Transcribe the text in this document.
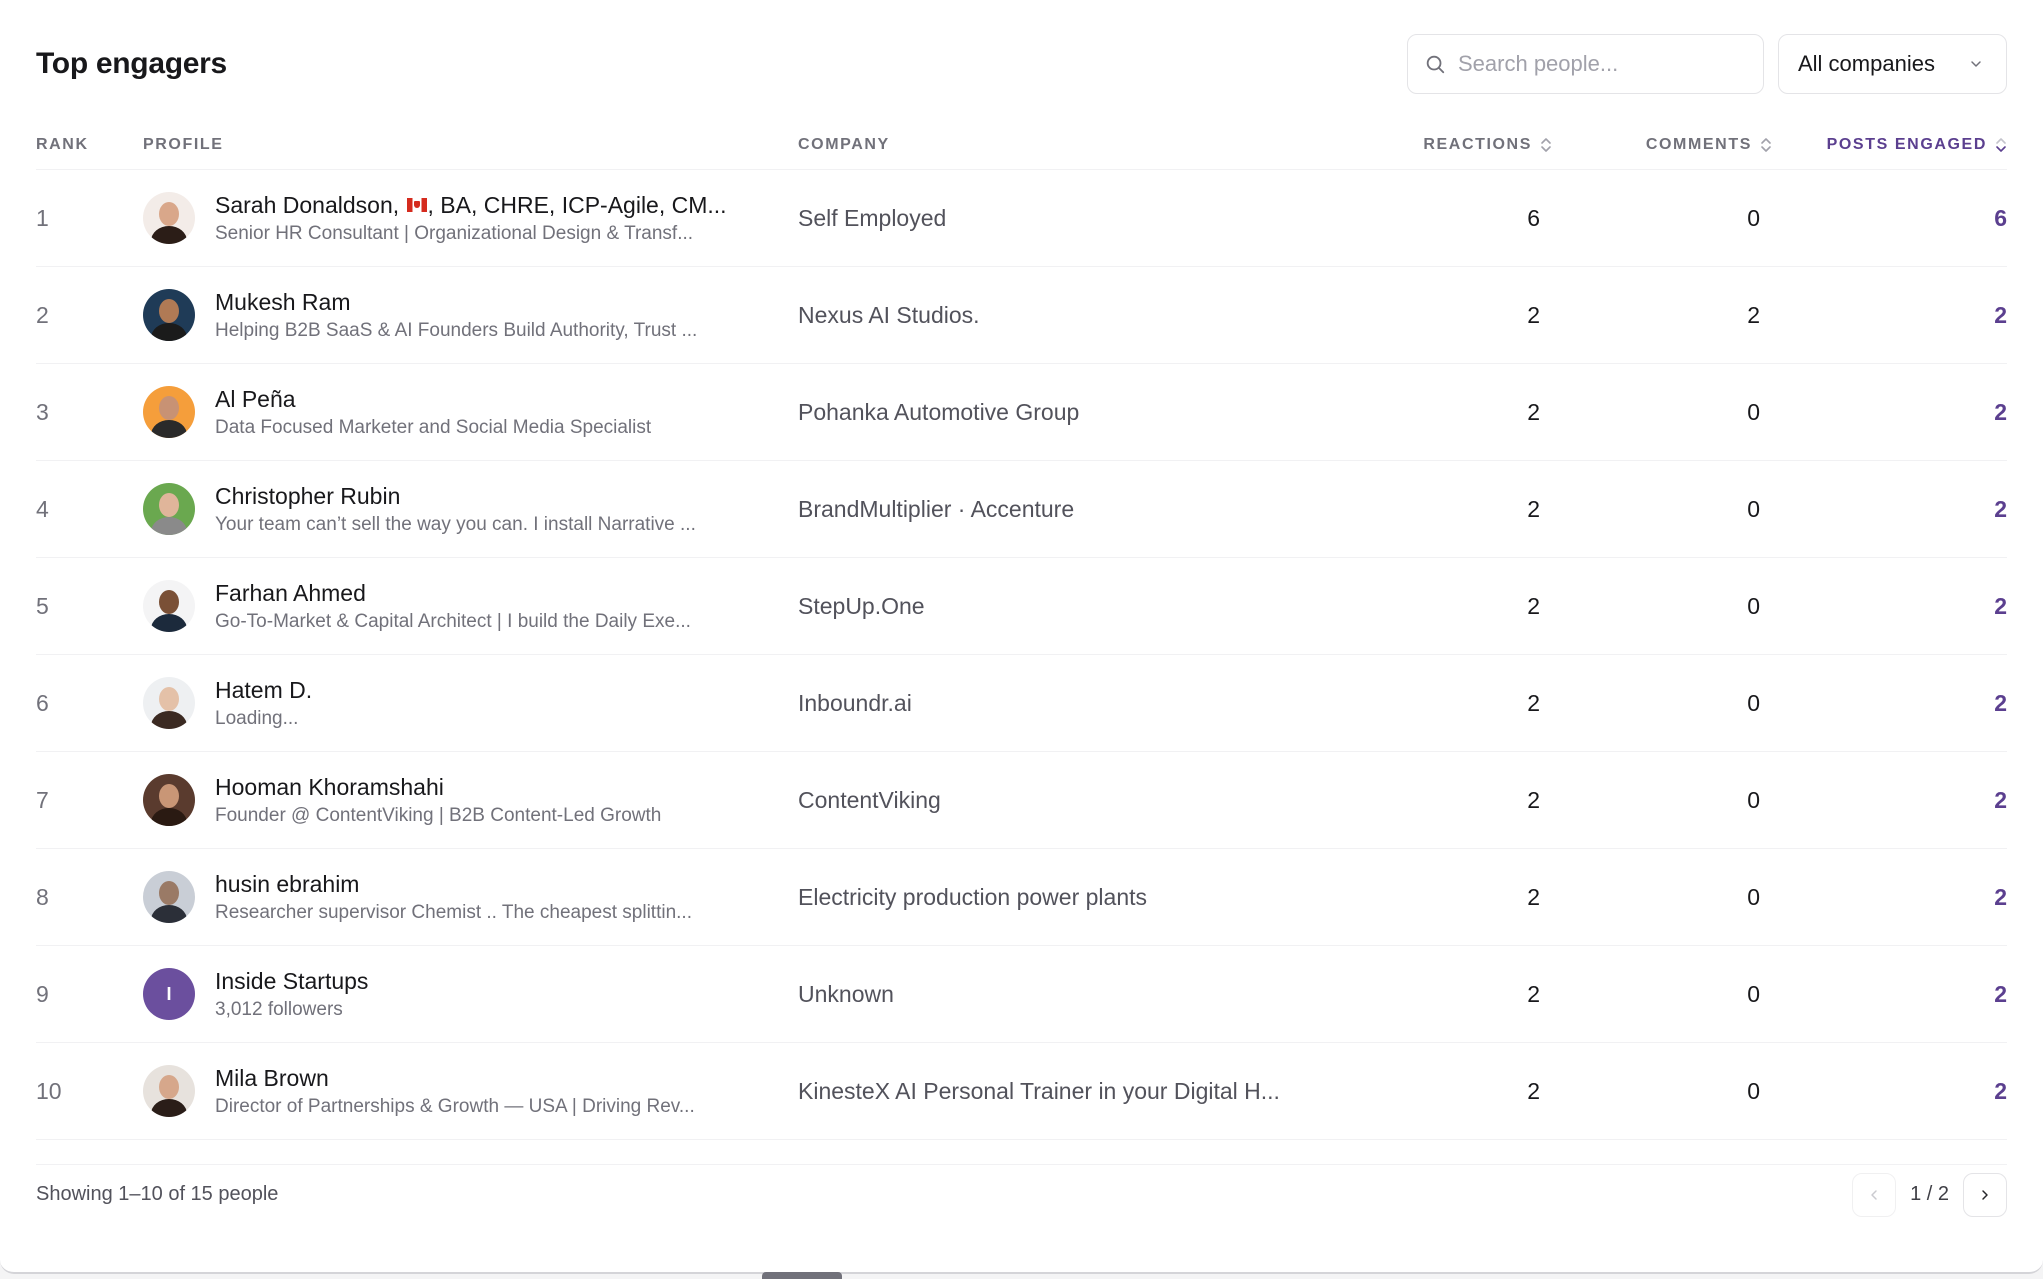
Top engagers
Search people...	All companies
RANK	PROFILE	COMPANY	REACTIONS	COMMENTS	POSTS ENGAGED
1	Sarah Donaldson, , BA, CHRE, ICP-Agile, CM...
Senior HR Consultant | Organizational Design & Transf...
Self Employed	6	0	6
2	Mukesh Ram
Helping B2B SaaS & AI Founders Build Authority, Trust ...
Nexus AI Studios.	2	2	2
3	Al Peña
Data Focused Marketer and Social Media Specialist
Pohanka Automotive Group	2	0	2
4	Christopher Rubin
Your team can’t sell the way you can. I install Narrative ...
BrandMultiplier · Accenture	2	0	2
5	Farhan Ahmed
Go-To-Market & Capital Architect | I build the Daily Exe...
StepUp.One	2	0	2
6	Hatem D.
Loading...
Inboundr.ai	2	0	2
7	Hooman Khoramshahi
Founder @ ContentViking | B2B Content-Led Growth
ContentViking	2	0	2
8	husin ebrahim
Researcher supervisor Chemist .. The cheapest splittin...
Electricity production power plants	2	0	2
9	I Inside Startups
3,012 followers
Unknown	2	0	2
10	Mila Brown
Director of Partnerships & Growth — USA | Driving Rev...
KinesteX AI Personal Trainer in your Digital H...	2	0	2
Showing 1–10 of 15 people	1 / 2
